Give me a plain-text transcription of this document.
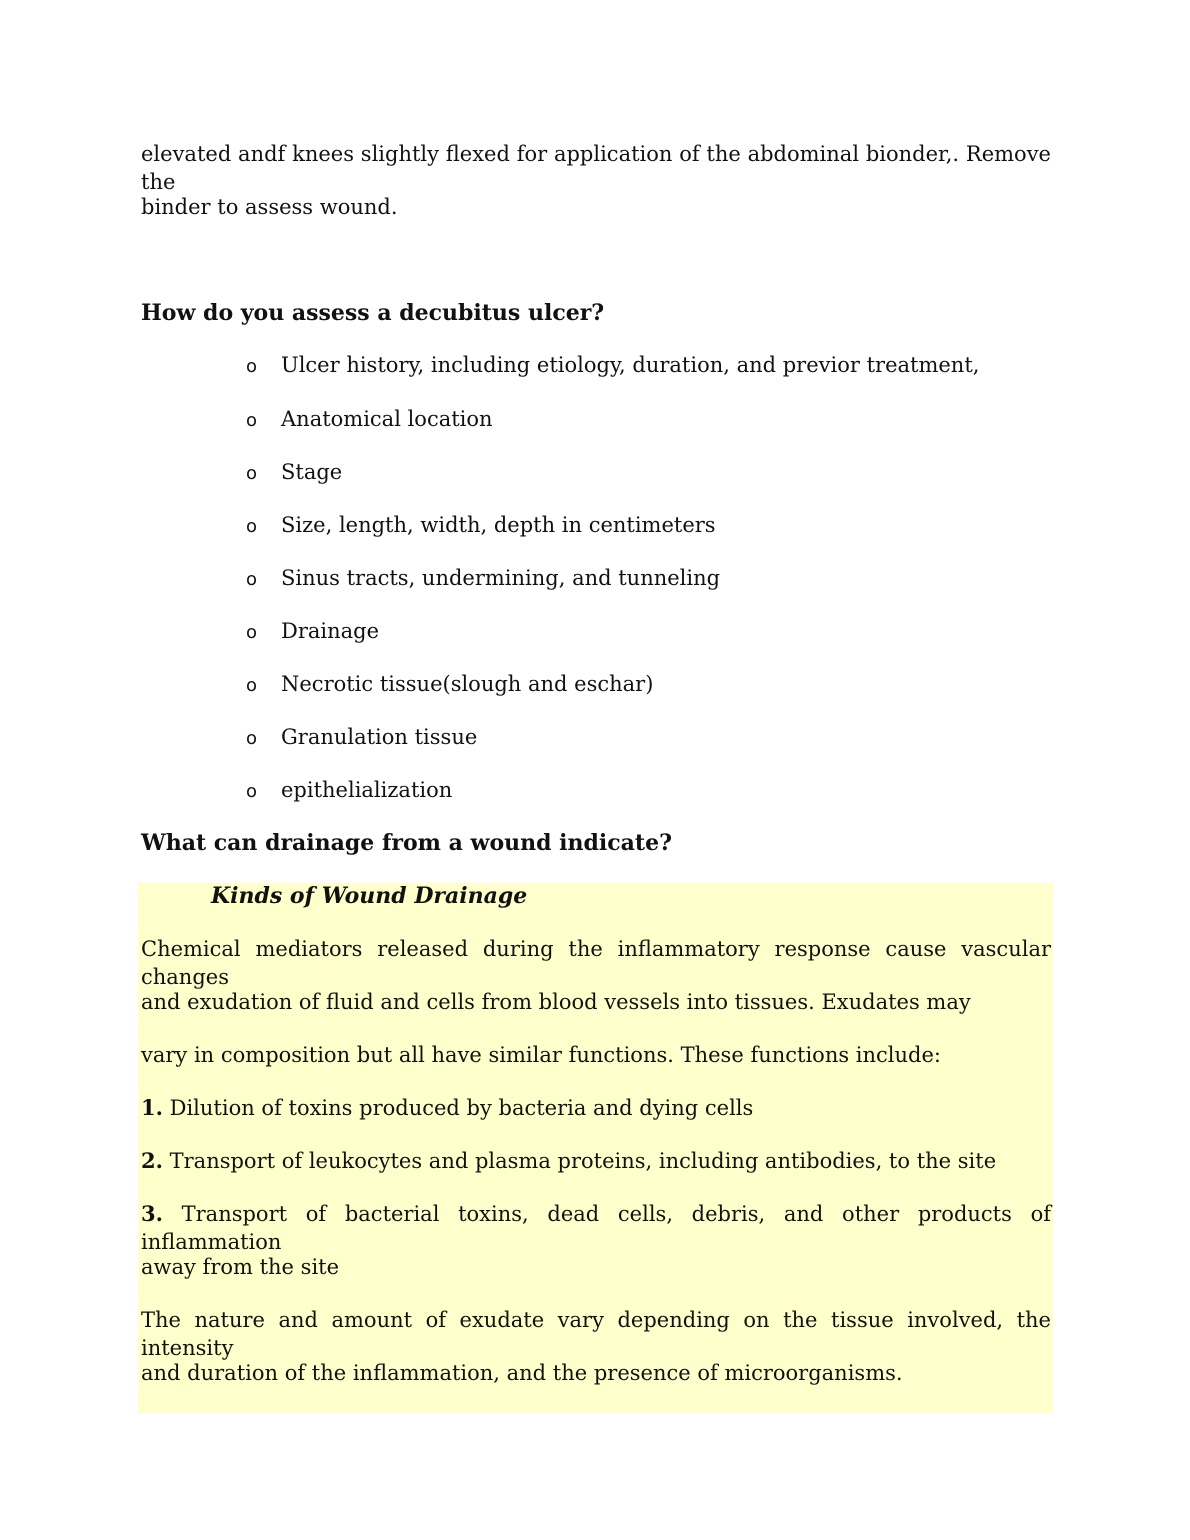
elevated andf knees slightly flexed for application of the abdominal bionder,. Remove the
binder to assess wound.
How do you assess a decubitus ulcer?
o Ulcer history, including etiology, duration, and previor treatment,
o Anatomical location
o Stage
o Size, length, width, depth in centimeters
o Sinus tracts, undermining, and tunneling
o Drainage
o Necrotic tissue(slough and eschar)
o Granulation tissue
o epithelialization
What can drainage from a wound indicate?
Kinds of Wound Drainage
Chemical mediators released during the inflammatory response cause vascular changes
and exudation of fluid and cells from blood vessels into tissues. Exudates may
vary in composition but all have similar functions. These functions include:
1. Dilution of toxins produced by bacteria and dying cells
2. Transport of leukocytes and plasma proteins, including antibodies, to the site
3. Transport of bacterial toxins, dead cells, debris, and other products of inflammation
away from the site
The nature and amount of exudate vary depending on the tissue involved, the intensity
and duration of the inflammation, and the presence of microorganisms.
